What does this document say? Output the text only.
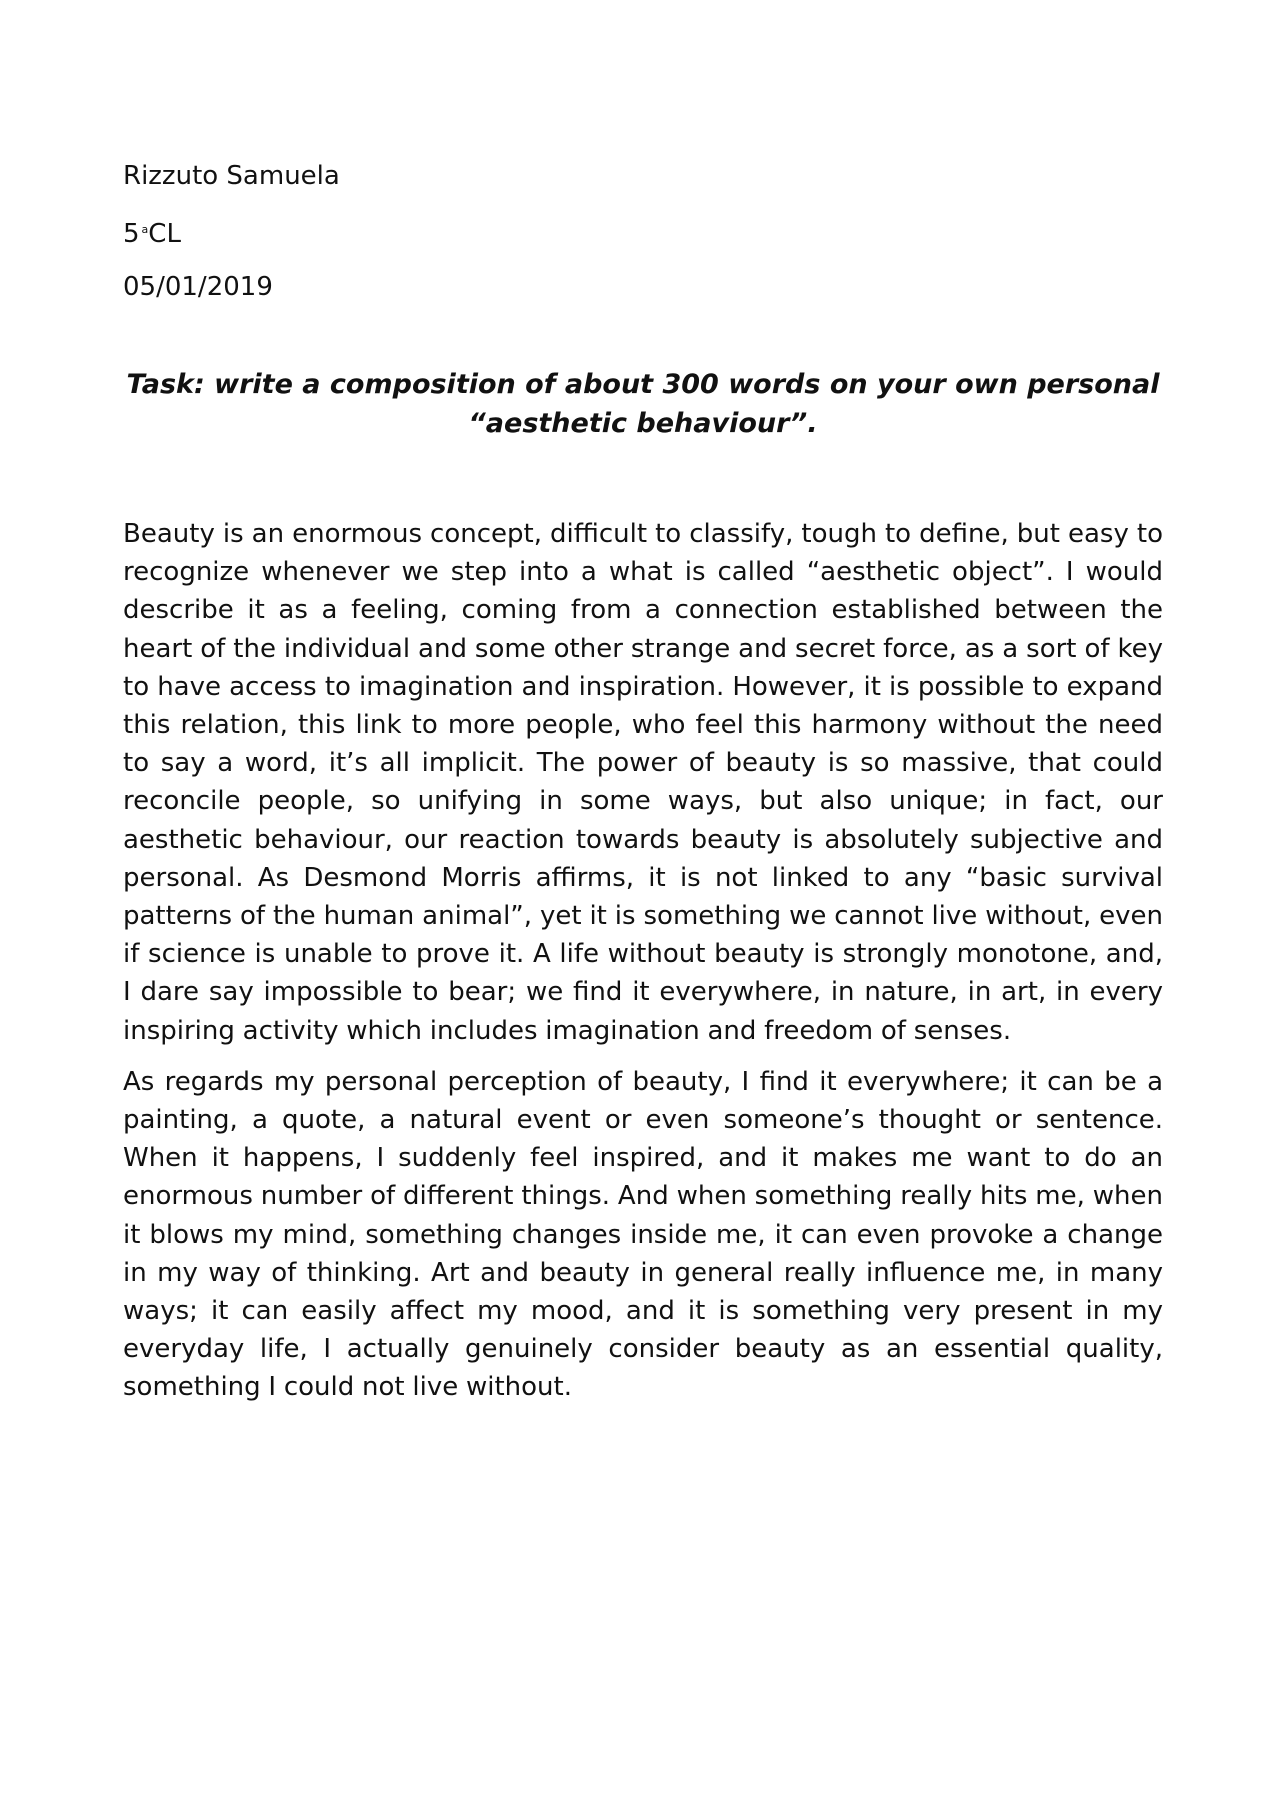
Rizzuto Samuela
5 $^a$CL
05/01/2019

Task: write a composition of about 300 words on your own personal “aesthetic behaviour”.

Beauty is an enormous concept, difficult to classify, tough to define, but easy to recognize whenever we step into a what is called “aesthetic object”. I would describe it as a feeling, coming from a connection established between the heart of the individual and some other strange and secret force, as a sort of key to have access to imagination and inspiration. However, it is possible to expand this relation, this link to more people, who feel this harmony without the need to say a word, it’s all implicit. The power of beauty is so massive, that could reconcile people, so unifying in some ways, but also unique; in fact, our aesthetic behaviour, our reaction towards beauty is absolutely subjective and personal. As Desmond Morris affirms, it is not linked to any “basic survival patterns of the human animal”, yet it is something we cannot live without, even if science is unable to prove it. A life without beauty is strongly monotone, and, I dare say impossible to bear; we find it everywhere, in nature, in art, in every inspiring activity which includes imagination and freedom of senses.

As regards my personal perception of beauty, I find it everywhere; it can be a painting, a quote, a natural event or even someone’s thought or sentence. When it happens, I suddenly feel inspired, and it makes me want to do an enormous number of different things. And when something really hits me, when it blows my mind, something changes inside me, it can even provoke a change in my way of thinking. Art and beauty in general really influence me, in many ways; it can easily affect my mood, and it is something very present in my everyday life, I actually genuinely consider beauty as an essential quality, something I could not live without.
